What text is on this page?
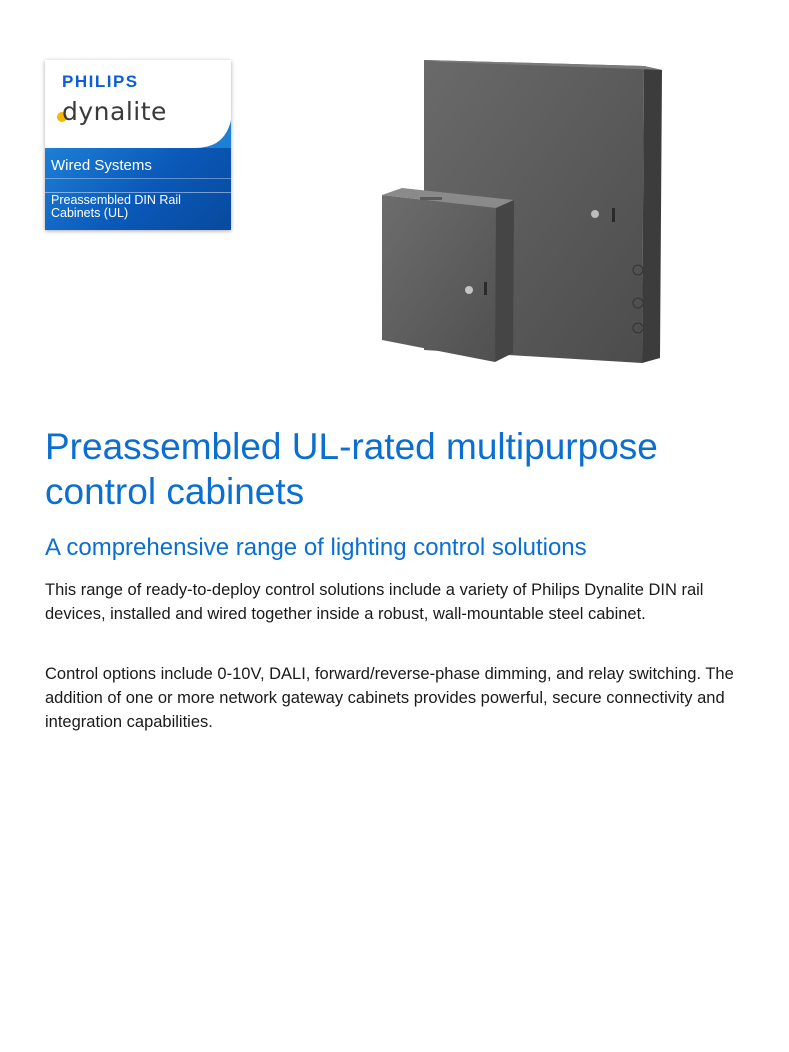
PHILIPS
dynalite
Wired Systems
Preassembled DIN Rail Cabinets (UL)
Preassembled UL-rated multipurpose control cabinets
A comprehensive range of lighting control solutions

This range of ready-to-deploy control solutions include a variety of Philips Dynalite DIN rail devices, installed and wired together inside a robust, wall-mountable steel cabinet.

Control options include 0-10V, DALI, forward/reverse-phase dimming, and relay switching. The addition of one or more network gateway cabinets provides powerful, secure connectivity and integration capabilities.
